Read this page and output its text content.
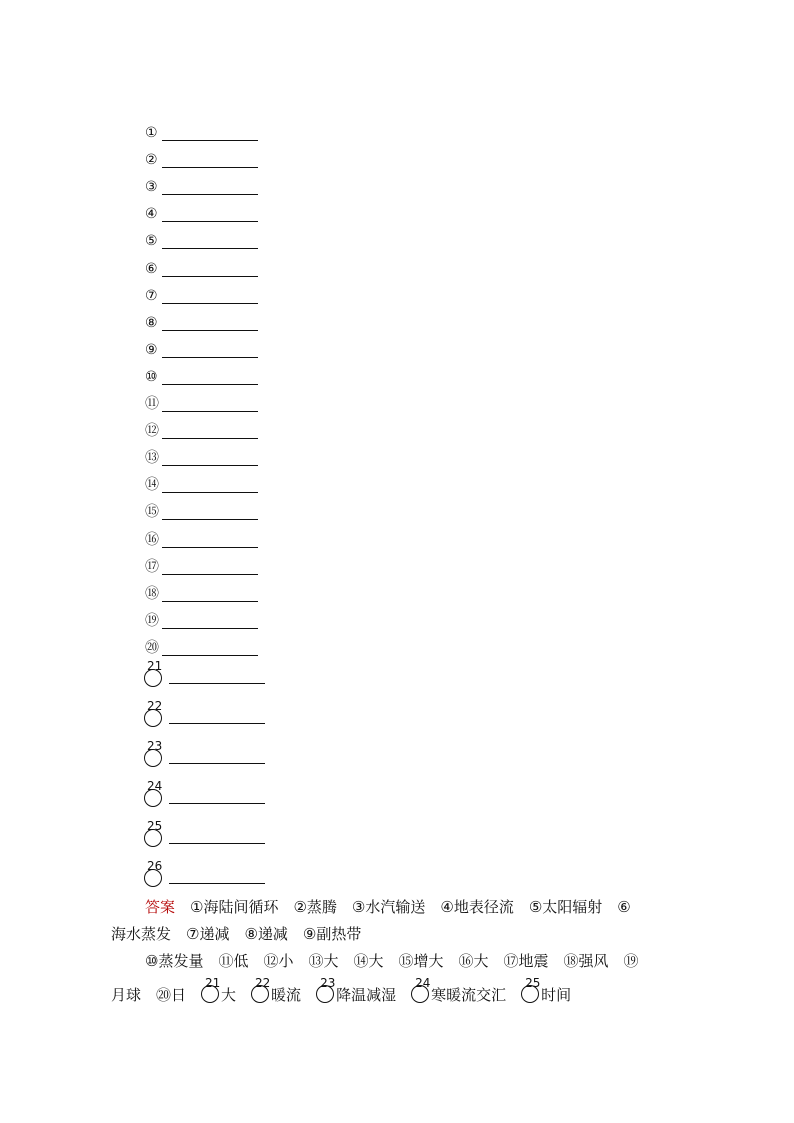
①
②
③
④
⑤
⑥
⑦
⑧
⑨
⑩
⑪
⑫
⑬
⑭
⑮
⑯
⑰
⑱
⑲
⑳
21
22
23
24
25
26
答案　 ①海陆间循环　②蒸腾　③水汽输送　④地表径流　⑤太阳辐射　⑥
海水蒸发　⑦递减　⑧递减　⑨副热带
⑩蒸发量　⑪低　⑫小　⑬大　⑭大　⑮增大　⑯大　⑰地震　⑱强风　⑲
月球　⑳日　
21
大　
22
暖流　
23
降温减湿　
24
寒暖流交汇　
25
时间
